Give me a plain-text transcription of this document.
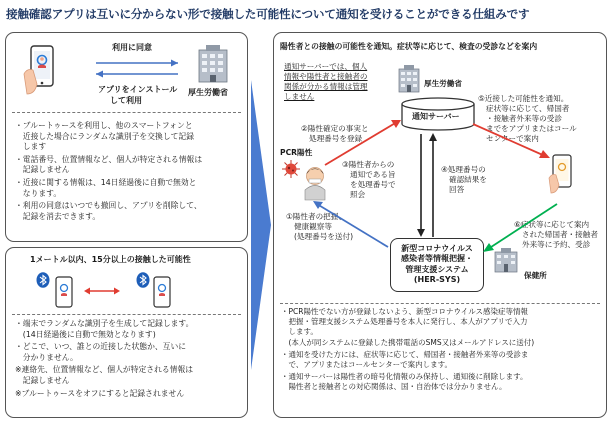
接触確認アプリは互いに分からない形で接触した可能性について通知を受けることができる仕組みです
利用に同意
アプリをインストール
して利用
厚生労働省
・ブルートゥースを利用し、他のスマートフォンと
　近接した場合にランダムな識別子を交換して記録
　します
・電話番号、位置情報など、個人が特定される情報は
　記録しません
・近接に関する情報は、14日経過後に自動で無効と
　なります。
・利用の同意はいつでも撤回し、アプリを削除して、
　記録を消去できます。
1メートル以内、15分以上の接触した可能性
・端末でランダムな識別子を生成して記録します。
　(14日経過後に自動で無効となります)
・どこで、いつ、誰との近接した状態か、互いに
　分かりません。
※連絡先、位置情報など、個人が特定される情報は
　記録しません
※ブルートゥースをオフにすると記録されません
陽性者との接触の可能性を通知。症状等に応じて、検査の受診などを案内
通知サーバーでは、個人
情報や陽性者と接触者の
関係が分かる情報は管理
しません
厚生労働省
通知サーバー
PCR陽性
②陽性確定の事実と
処理番号を登録
③陽性者からの
通知である旨
を処理番号で
照会
④処理番号の
確認結果を
回答
①陽性者の把握、
健康観察等
(処理番号を送付)
⑤近接した可能性を通知。
症状等に応じて、帰国者
・接触者外来等の受診
までをアプリまたはコール
センターで案内
⑥症状等に応じて案内
された帰国者・接触者
外来等に予約、受診
新型コロナウイルス
感染者等情報把握・
管理支援システム
(HER-SYS)	保健所
・PCR陽性でない方が登録しないよう、新型コロナウイルス感染症等情報
　把握・管理支援システム処理番号を本人に発行し、本人がアプリで入力
　します。
　(本人が同システムに登録した携帯電話のSMS又はメールアドレスに送付)
・通知を受けた方には、症状等に応じて、帰国者・接触者外来等の受診ま
　で、アプリまたはコールセンターで案内します。
・通知サーバーは陽性者の暗号化情報のみ保持し、通知後に削除します。
　陽性者と接触者との対応関係は、国・自治体では分かりません。
